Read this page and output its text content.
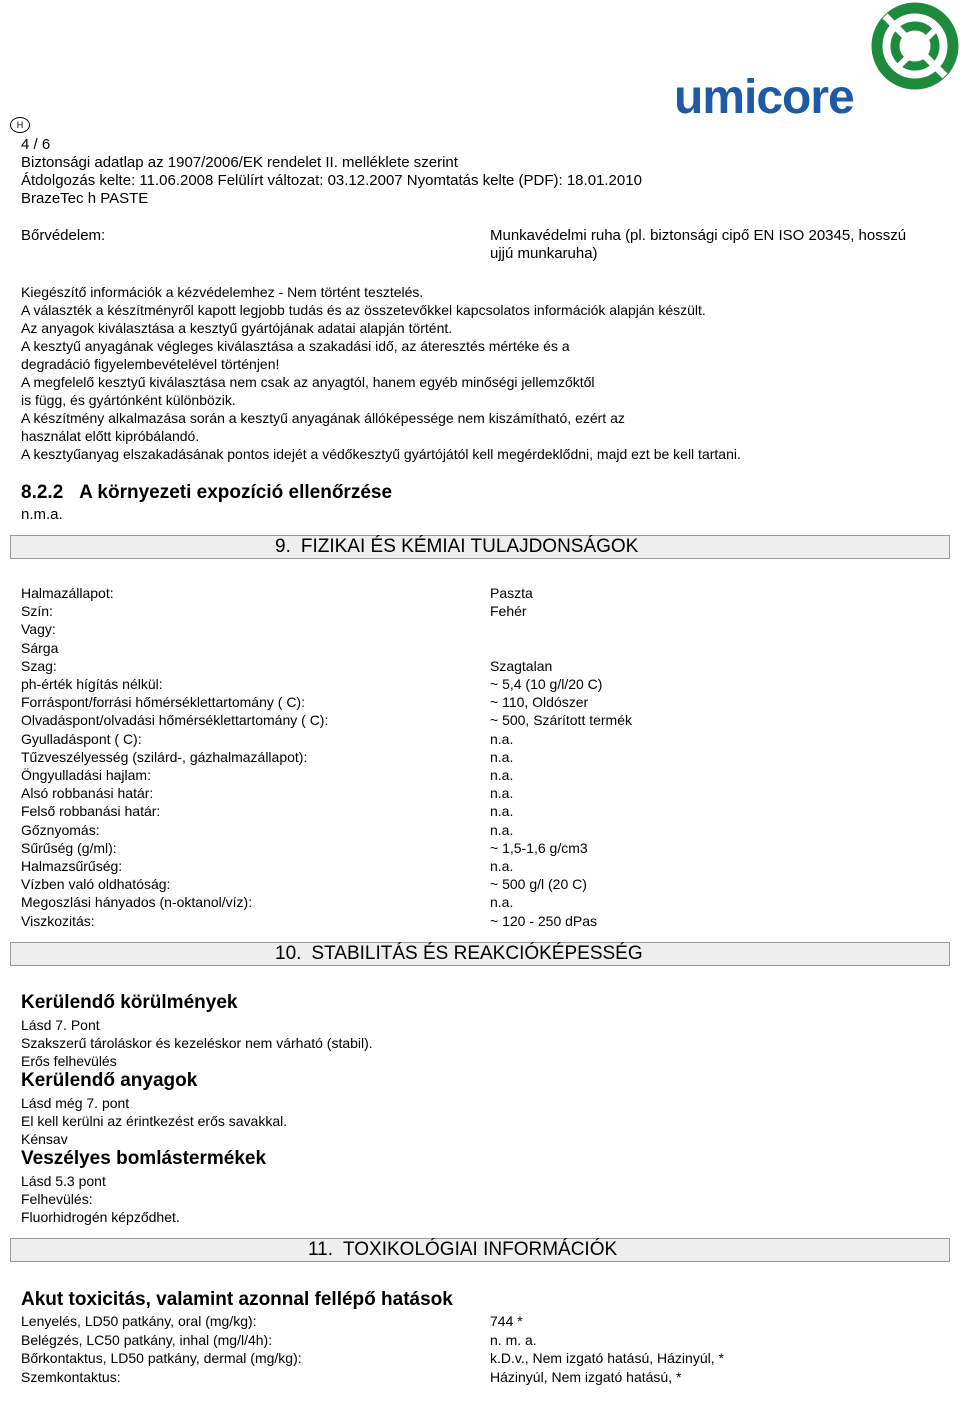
umicore
H
4 / 6
Biztonsági adatlap az 1907/2006/EK rendelet II. melléklete szerint
Átdolgozás kelte: 11.06.2008 Felülírt változat: 03.12.2007 Nyomtatás kelte (PDF): 18.01.2010
BrazeTec h PASTE
Bőrvédelem:	Munkavédelmi ruha (pl. biztonsági cipő EN ISO 20345, hosszú
ujjú munkaruha)
Kiegészítő információk a kézvédelemhez - Nem történt tesztelés.
A választék a készítményről kapott legjobb tudás és az összetevőkkel kapcsolatos információk alapján készült.
Az anyagok kiválasztása a kesztyű gyártójának adatai alapján történt.
A kesztyű anyagának végleges kiválasztása a szakadási idő, az áteresztés mértéke és a
degradáció figyelembevételével történjen!
A megfelelő kesztyű kiválasztása nem csak az anyagtól, hanem egyéb minőségi jellemzőktől
is függ, és gyártónként különbözik.
A készítmény alkalmazása során a kesztyű anyagának állóképessége nem kiszámítható, ezért az
használat előtt kipróbálandó.
A kesztyűanyag elszakadásának pontos idejét a védőkesztyű gyártójától kell megérdeklődni, majd ezt be kell tartani.
8.2.2 A környezeti expozíció ellenőrzése
n.m.a.
9. FIZIKAI ÉS KÉMIAI TULAJDONSÁGOK
Halmazállapot:	Paszta
Szín:	Fehér
Vagy:
Sárga
Szag:	Szagtalan
ph-érték hígítás nélkül:	~ 5,4 (10 g/l/20 C)
Forráspont/forrási hőmérséklettartomány ( C):	~ 110, Oldószer
Olvadáspont/olvadási hőmérséklettartomány ( C):	~ 500, Szárított termék
Gyulladáspont ( C):	n.a.
Tűzveszélyesség (szilárd-, gázhalmazállapot):	n.a.
Öngyulladási hajlam:	n.a.
Alsó robbanási határ:	n.a.
Felső robbanási határ:	n.a.
Gőznyomás:	n.a.
Sűrűség (g/ml):	~ 1,5-1,6 g/cm3
Halmazsűrűség:	n.a.
Vízben való oldhatóság:	~ 500 g/l (20 C)
Megoszlási hányados (n-oktanol/víz):	n.a.
Viszkozitás:	~ 120 - 250 dPas
10. STABILITÁS ÉS REAKCIÓKÉPESSÉG
Kerülendő körülmények
Lásd 7. Pont
Szakszerű tároláskor és kezeléskor nem várható (stabil).
Erős felhevülés
Kerülendő anyagok
Lásd még 7. pont
El kell kerülni az érintkezést erős savakkal.
Kénsav
Veszélyes bomlástermékek
Lásd 5.3 pont
Felhevülés:
Fluorhidrogén képződhet.
11. TOXIKOLÓGIAI INFORMÁCIÓK
Akut toxicitás, valamint azonnal fellépő hatások
Lenyelés, LD50 patkány, oral (mg/kg):	744 *
Belégzés, LC50 patkány, inhal (mg/l/4h):	n. m. a.
Bőrkontaktus, LD50 patkány, dermal (mg/kg):	k.D.v., Nem izgató hatású, Házinyúl, *
Szemkontaktus:	Házinyúl, Nem izgató hatású, *
